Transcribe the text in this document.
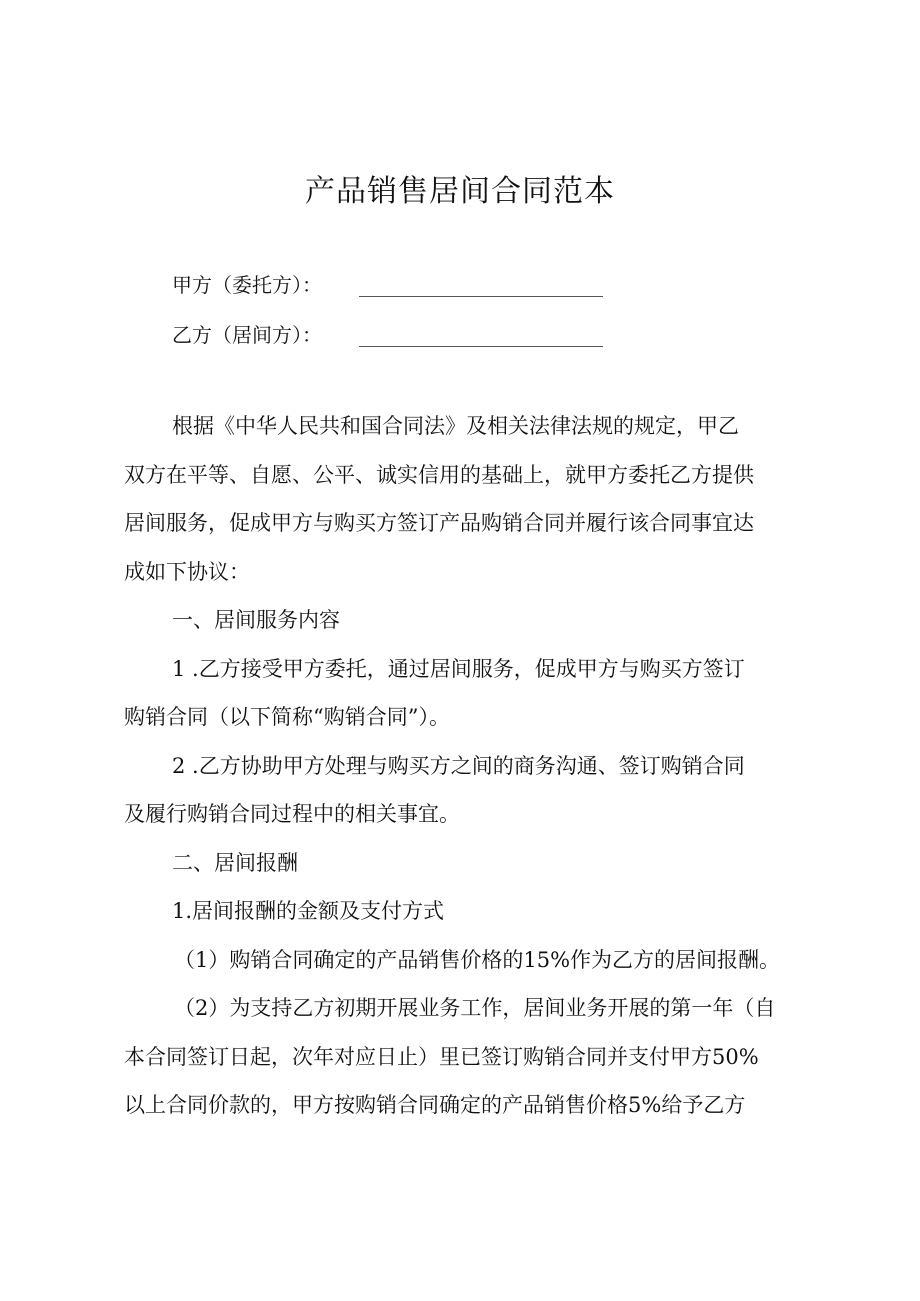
产品销售居间合同范本
甲方（委托方）：
乙方（居间方）：
根据《中华人民共和国合同法》及相关法律法规的规定，甲乙
双方在平等、自愿、公平、诚实信用的基础上，就甲方委托乙方提供
居间服务，促成甲方与购买方签订产品购销合同并履行该合同事宜达
成如下协议：
一、居间服务内容
1 .乙方接受甲方委托，通过居间服务，促成甲方与购买方签订
购销合同（以下简称“购销合同”）。
2 .乙方协助甲方处理与购买方之间的商务沟通、签订购销合同
及履行购销合同过程中的相关事宜。
二、居间报酬
1.居间报酬的金额及支付方式
（1）购销合同确定的产品销售价格的15%作为乙方的居间报酬。
（2）为支持乙方初期开展业务工作，居间业务开展的第一年（自
本合同签订日起，次年对应日止）里已签订购销合同并支付甲方50%
以上合同价款的，甲方按购销合同确定的产品销售价格5%给予乙方
